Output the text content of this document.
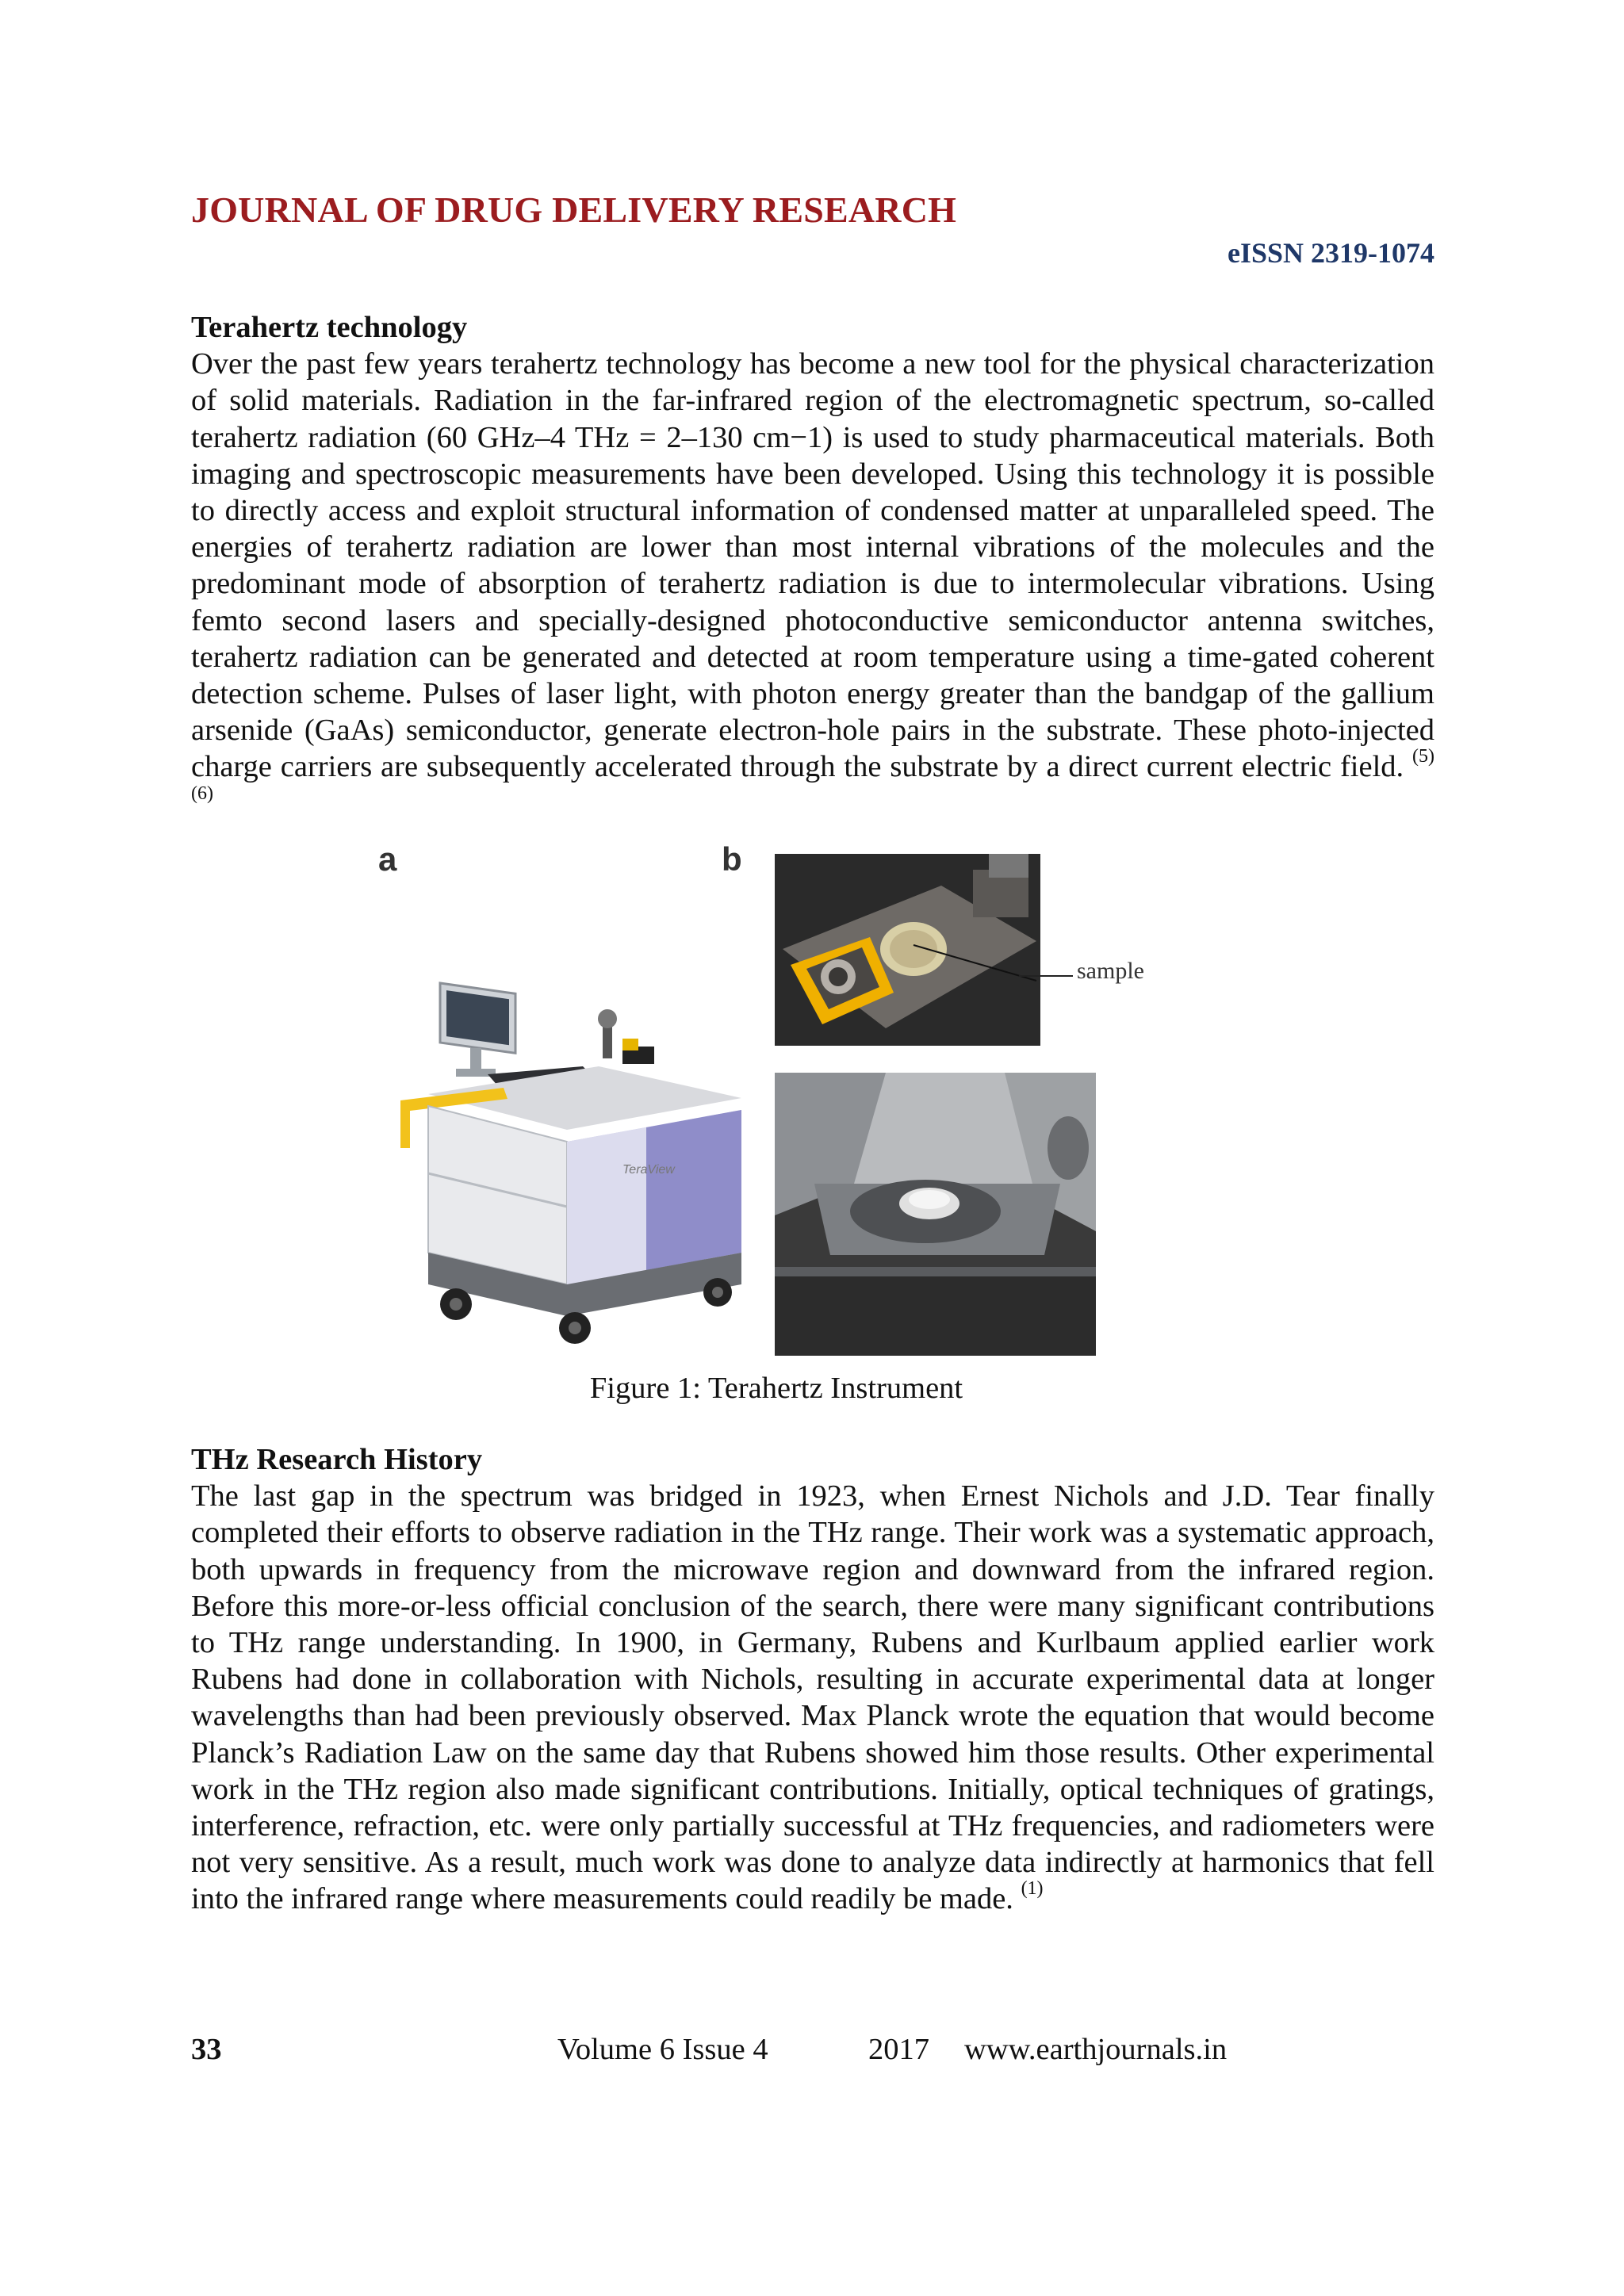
JOURNAL OF DRUG DELIVERY RESEARCH
eISSN 2319-1074

Terahertz technology

Over the past few years terahertz technology has become a new tool for the physical characterization of solid materials. Radiation in the far-infrared region of the electromagnetic spectrum, so-called terahertz radiation (60 GHz–4 THz = 2–130 cm−1) is used to study pharmaceutical materials. Both imaging and spectroscopic measurements have been developed. Using this technology it is possible to directly access and exploit structural information of condensed matter at unparalleled speed. The energies of terahertz radiation are lower than most internal vibrations of the molecules and the predominant mode of absorption of terahertz radiation is due to intermolecular vibrations. Using femto second lasers and specially-designed photoconductive semiconductor antenna switches, terahertz radiation can be generated and detected at room temperature using a time-gated coherent detection scheme. Pulses of laser light, with photon energy greater than the bandgap of the gallium arsenide (GaAs) semiconductor, generate electron-hole pairs in the substrate. These photo-injected charge carriers are subsequently accelerated through the substrate by a direct current electric field. $^{(5)(6)}$

a	b
TeraView
sample
Figure 1: Terahertz Instrument

THz Research History

The last gap in the spectrum was bridged in 1923, when Ernest Nichols and J.D. Tear finally completed their efforts to observe radiation in the THz range. Their work was a systematic approach, both upwards in frequency from the microwave region and downward from the infrared region. Before this more-or-less official conclusion of the search, there were many significant contributions to THz range understanding. In 1900, in Germany, Rubens and Kurlbaum applied earlier work Rubens had done in collaboration with Nichols, resulting in accurate experimental data at longer wavelengths than had been previously observed. Max Planck wrote the equation that would become Planck’s Radiation Law on the same day that Rubens showed him those results. Other experimental work in the THz region also made significant contributions. Initially, optical techniques of gratings, interference, refraction, etc. were only partially successful at THz frequencies, and radiometers were not very sensitive. As a result, much work was done to analyze data indirectly at harmonics that fell into the infrared range where measurements could readily be made. $^{(1)}$

33	Volume 6 Issue 4	2017 www.earthjournals.in
